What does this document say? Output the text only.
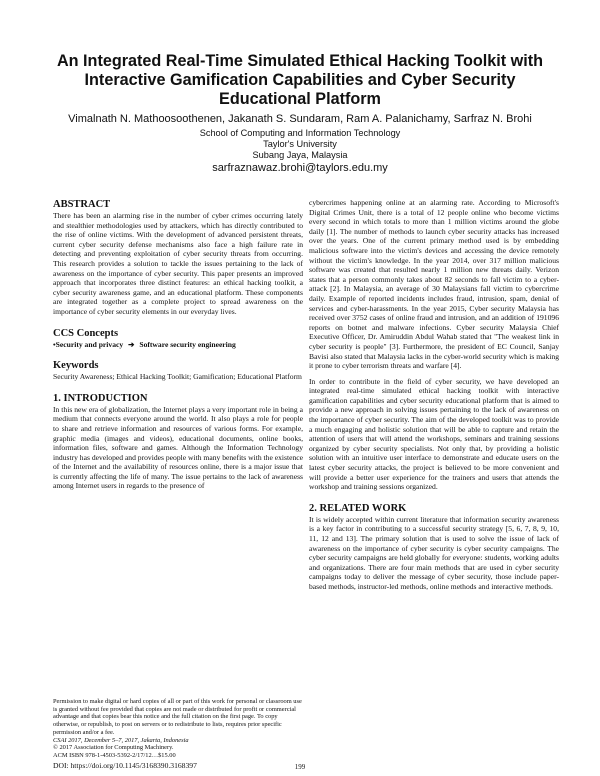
An Integrated Real-Time Simulated Ethical Hacking Toolkit with Interactive Gamification Capabilities and Cyber Security Educational Platform
Vimalnath N. Mathoosoothenen, Jakanath S. Sundaram, Ram A. Palanichamy, Sarfraz N. Brohi
School of Computing and Information Technology
Taylor's University
Subang Jaya, Malaysia
sarfraznawaz.brohi@taylors.edu.my
ABSTRACT

There has been an alarming rise in the number of cyber crimes occurring lately and stealthier methodologies used by attackers, which has directly contributed to the rise of online victims. With the development of advanced persistent threats, current cyber security defense mechanisms also face a high failure rate in detecting and preventing exploitation of cyber security threats from occurring. This research provides a solution to tackle the issues pertaining to the lack of awareness on the importance of cyber security. This paper presents an improved approach that incorporates three distinct features: an ethical hacking toolkit, a cyber security awareness game, and an educational platform. These components are integrated together as a complete project to spread awareness on the importance of cyber security elements in our everyday lives.

CCS Concepts
•Security and privacy ➔ Software security engineering
Keywords

Security Awareness; Ethical Hacking Toolkit; Gamification; Educational Platform

1. INTRODUCTION

In this new era of globalization, the Internet plays a very important role in being a medium that connects everyone around the world. It also plays a role for people to share and retrieve information and resources of various forms. For example, graphic media (images and videos), educational documents, online books, information files, software and games. Although the Information Technology industry has developed and provides people with many benefits with the existence of the Internet and the availability of resources online, there is a major issue that is currently affecting the life of many. The issue pertains to the lack of awareness among Internet users in regards to the presence of

Permission to make digital or hard copies of all or part of this work for personal or classroom use is granted without fee provided that copies are not made or distributed for profit or commercial advantage and that copies bear this notice and the full citation on the first page. To copy otherwise, or republish, to post on servers or to redistribute to lists, requires prior specific permission and/or a fee.
CSAI 2017, December 5–7, 2017, Jakarta, Indonesia
© 2017 Association for Computing Machinery.
ACM ISBN 978-1-4503-5392-2/17/12…$15.00
DOI: https://doi.org/10.1145/3168390.3168397

cybercrimes happening online at an alarming rate. According to Microsoft's Digital Crimes Unit, there is a total of 12 people online who become victims every second in which totals to more than 1 million victims around the globe daily [1]. The number of methods to launch cyber security attacks has increased over the years. One of the current primary method used is by embedding malicious software into the victim's devices and accessing the device remotely without the victim's knowledge. In the year 2014, over 317 million malicious software was created that resulted nearly 1 million new threats daily. Verizon states that a person commonly takes about 82 seconds to fall victim to a cyber-attack [2]. In Malaysia, an average of 30 Malaysians fall victim to cybercrime daily. Example of reported incidents includes fraud, intrusion, spam, denial of services and cyber-harassments. In the year 2015, Cyber security Malaysia has received over 3752 cases of online fraud and intrusion, and an addition of 191096 reports on botnet and malware infections. Cyber security Malaysia Chief Executive Officer, Dr. Amiruddin Abdul Wahab stated that "The weakest link in cyber security is people" [3]. Furthermore, the president of EC Council, Sanjay Bavisi also stated that Malaysia lacks in the cyber-world security which is making it prone to cyber terrorism threats and warfare [4].

In order to contribute in the field of cyber security, we have developed an integrated real-time simulated ethical hacking toolkit with interactive gamification capabilities and cyber security educational platform that is aimed to provide a new approach in solving issues pertaining to the lack of awareness on the importance of cyber security. The aim of the developed toolkit was to provide a much engaging and holistic solution that will be able to capture and retain the attention of users that will attend the workshops, seminars and training sessions organized by cyber security specialists. Not only that, by providing a holistic solution with an intuitive user interface to demonstrate and educate users on the latest cyber security attacks, the project is believed to be more convenient and will provide a better user experience for the trainers and users that attends the workshop and training sessions organized.

2. RELATED WORK

It is widely accepted within current literature that information security awareness is a key factor in contributing to a successful security strategy [5, 6, 7, 8, 9, 10, 11, 12 and 13]. The primary solution that is used to solve the issue of lack of awareness on the importance of cyber security is cyber security campaigns. The cyber security campaigns are held globally for everyone: students, working adults and organizations. There are four main methods that are used in cyber security campaigns today to deliver the message of cyber security, those include paper-based methods, instructor-led methods, online methods and interactive methods.

199
